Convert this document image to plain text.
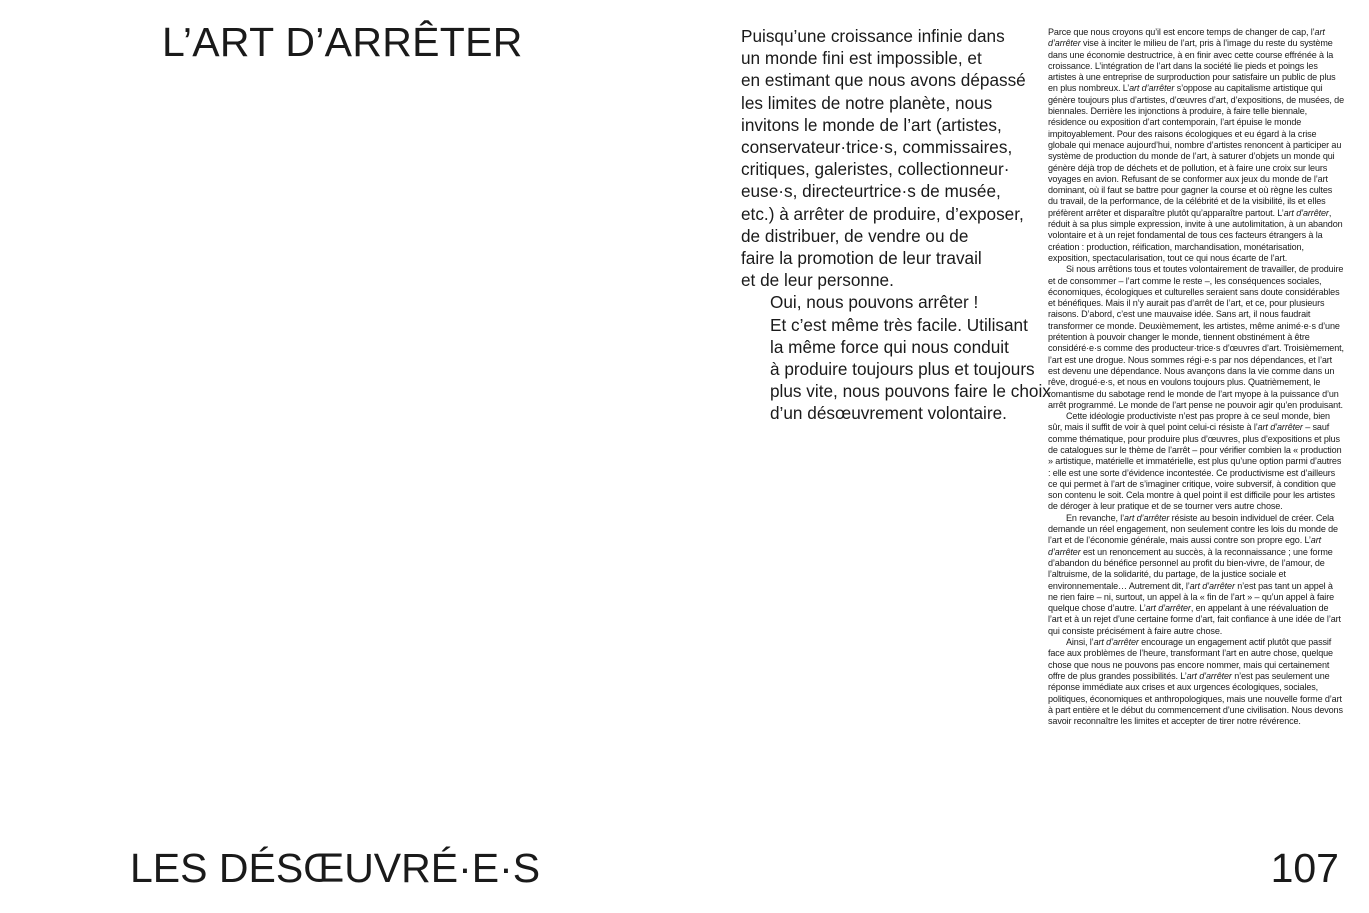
L’ART D’ARRÊTER	Puisqu’une croissance infinie dans
un monde fini est impossible, et
en estimant que nous avons dépassé
les limites de notre planète, nous
invitons le monde de l’art (artistes,
conservateur·trice·s, commissaires,
critiques, galeristes, collectionneur·
euse·s, directeurtrice·s de musée,
etc.) à arrêter de produire, d’exposer,
de distribuer, de vendre ou de
faire la promotion de leur travail
et de leur personne.

Oui, nous pouvons arrêter !
Et c’est même très facile. Utilisant
la même force qui nous conduit
à produire toujours plus et toujours
plus vite, nous pouvons faire le choix
d’un désœuvrement volontaire.

Parce que nous croyons qu’il est encore temps de changer de cap, l’art d’arrêter vise à inciter le milieu de l’art, pris à l’image du reste du système dans une économie destructrice, à en finir avec cette course effrénée à la croissance. L’intégration de l’art dans la société lie pieds et poings les artistes à une entreprise de surproduction pour satisfaire un public de plus en plus nombreux. L’art d’arrêter s’oppose au capitalisme artistique qui génère toujours plus d’artistes, d’œuvres d’art, d’expositions, de musées, de biennales. Derrière les injonctions à produire, à faire telle biennale, résidence ou exposition d’art contemporain, l’art épuise le monde impitoyablement. Pour des raisons écologiques et eu égard à la crise globale qui menace aujourd’hui, nombre d’artistes renoncent à participer au système de production du monde de l’art, à saturer d’objets un monde qui génère déjà trop de déchets et de pollution, et à faire une croix sur leurs voyages en avion. Refusant de se conformer aux jeux du monde de l’art dominant, où il faut se battre pour gagner la course et où règne les cultes du travail, de la performance, de la célébrité et de la visibilité, ils et elles préfèrent arrêter et disparaître plutôt qu’apparaître partout. L’art d’arrêter, réduit à sa plus simple expression, invite à une autolimitation, à un abandon volontaire et à un rejet fondamental de tous ces facteurs étrangers à la création : production, réification, marchandisation, monétarisation, exposition, spectacularisation, tout ce qui nous écarte de l’art.

Si nous arrêtions tous et toutes volontairement de travailler, de produire et de consommer – l’art comme le reste –, les conséquences sociales, économiques, écologiques et culturelles seraient sans doute considérables et bénéfiques. Mais il n’y aurait pas d’arrêt de l’art, et ce, pour plusieurs raisons. D’abord, c’est une mauvaise idée. Sans art, il nous faudrait transformer ce monde. Deuxièmement, les artistes, même animé·e·s d’une prétention à pouvoir changer le monde, tiennent obstinément à être considéré·e·s comme des producteur·trice·s d’œuvres d’art. Troisièmement, l’art est une drogue. Nous sommes régi·e·s par nos dépendances, et l’art est devenu une dépendance. Nous avançons dans la vie comme dans un rêve, drogué·e·s, et nous en voulons toujours plus. Quatrièmement, le romantisme du sabotage rend le monde de l’art myope à la puissance d’un arrêt programmé. Le monde de l’art pense ne pouvoir agir qu’en produisant.

Cette idéologie productiviste n’est pas propre à ce seul monde, bien sûr, mais il suffit de voir à quel point celui-ci résiste à l’art d’arrêter – sauf comme thématique, pour produire plus d’œuvres, plus d’expositions et plus de catalogues sur le thème de l’arrêt – pour vérifier combien la « production » artistique, matérielle et immatérielle, est plus qu’une option parmi d’autres : elle est une sorte d’évidence incontestée. Ce productivisme est d’ailleurs ce qui permet à l’art de s’imaginer critique, voire subversif, à condition que son contenu le soit. Cela montre à quel point il est difficile pour les artistes de déroger à leur pratique et de se tourner vers autre chose.

En revanche, l’art d’arrêter résiste au besoin individuel de créer. Cela demande un réel engagement, non seulement contre les lois du monde de l’art et de l’économie générale, mais aussi contre son propre ego. L’art d’arrêter est un renoncement au succès, à la reconnaissance ; une forme d’abandon du bénéfice personnel au profit du bien-vivre, de l’amour, de l’altruisme, de la solidarité, du partage, de la justice sociale et environnementale… Autrement dit, l’art d’arrêter n’est pas tant un appel à ne rien faire – ni, surtout, un appel à la « fin de l’art » – qu’un appel à faire quelque chose d’autre. L’art d’arrêter, en appelant à une réévaluation de l’art et à un rejet d’une certaine forme d’art, fait confiance à une idée de l’art qui consiste précisément à faire autre chose.

Ainsi, l’art d’arrêter encourage un engagement actif plutôt que passif face aux problèmes de l’heure, transformant l’art en autre chose, quelque chose que nous ne pouvons pas encore nommer, mais qui certainement offre de plus grandes possibilités. L’art d’arrêter n’est pas seulement une réponse immédiate aux crises et aux urgences écologiques, sociales, politiques, économiques et anthropologiques, mais une nouvelle forme d’art à part entière et le début du commencement d’une civilisation. Nous devons savoir reconnaître les limites et accepter de tirer notre révérence.

LES DÉSŒUVRÉ·E·S	107
